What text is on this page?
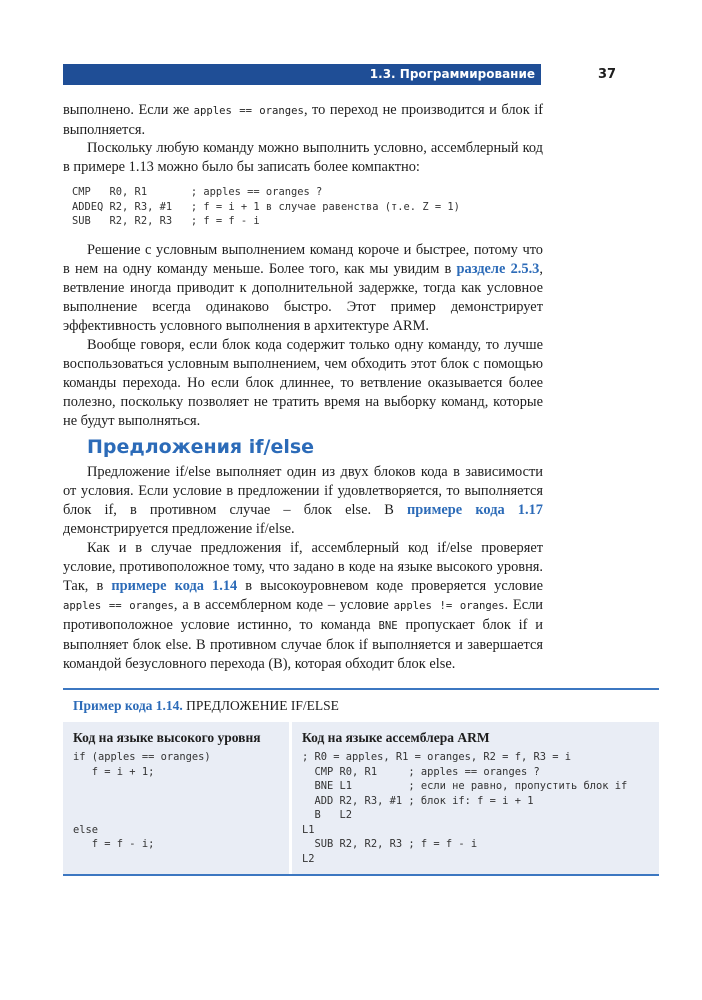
1.3. Программирование	37

выполнено. Если же apples == oranges, то переход не производится и блок if выполняется.

Поскольку любую команду можно выполнить условно, ассемблерный код в примере 1.13 можно было бы записать более компактно:

CMP   R0, R1       ; apples == oranges ?
ADDEQ R2, R3, #1   ; f = i + 1 в случае равенства (т.е. Z = 1)
SUB   R2, R2, R3   ; f = f - i

Решение с условным выполнением команд короче и быстрее, потому что в нем на одну команду меньше. Более того, как мы увидим в разделе 2.5.3, ветвление иногда приводит к дополнительной задержке, тогда как условное выполнение всегда одинаково быстро. Этот пример демонстрирует эффективность условного выполнения в архитектуре ARM.

Вообще говоря, если блок кода содержит только одну команду, то лучше воспользоваться условным выполнением, чем обходить этот блок с помощью команды перехода. Но если блок длиннее, то ветвление оказывается более полезно, поскольку позволяет не тратить время на выборку команд, которые не будут выполняться.

Предложения if/else

Предложение if/else выполняет один из двух блоков кода в зависимости от условия. Если условие в предложении if удовлетворяется, то выполняется блок if, в противном случае – блок else. В примере кода 1.17 демонстрируется предложение if/else.

Как и в случае предложения if, ассемблерный код if/else проверяет условие, противоположное тому, что задано в коде на языке высокого уровня. Так, в примере кода 1.14 в высокоуровневом коде проверяется условие apples == oranges, а в ассемблерном коде – условие apples != oranges. Если противоположное условие истинно, то команда BNE пропускает блок if и выполняет блок else. В противном случае блок if выполняется и завершается командой безусловного перехода (B), которая обходит блок else.

Пример кода 1.14. ПРЕДЛОЖЕНИЕ IF/ELSE
Код на языке высокого уровня
if (apples == oranges)
f = i + 1;

else
f = f - i;
Код на языке ассемблера ARM
; R0 = apples, R1 = oranges, R2 = f, R3 = i
CMP R0, R1     ; apples == oranges ?
BNE L1         ; если не равно, пропустить блок if
ADD R2, R3, #1 ; блок if: f = i + 1
B   L2
L1
SUB R2, R2, R3 ; f = f - i
L2
